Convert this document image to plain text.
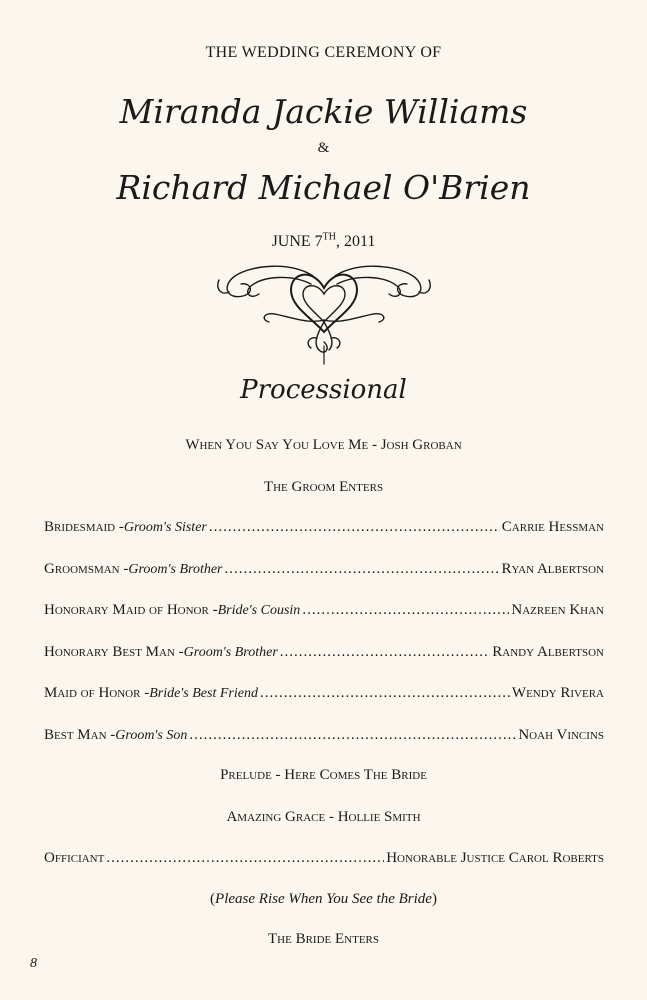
THE WEDDING CEREMONY OF
Miranda Jackie Williams
&
Richard Michael O'Brien
JUNE 7TH, 2011
Processional
When You Say You Love Me - Josh Groban
The Groom Enters
Bridesmaid - Groom's Sister .....	Carrie Hessman
Groomsman - Groom's Brother .....	Ryan Albertson
Honorary Maid of Honor - Bride's Cousin .....	Nazreen Khan
Honorary Best Man - Groom's Brother .....	Randy Albertson
Maid of Honor - Bride's Best Friend .....	Wendy Rivera
Best Man - Groom's Son .....	Noah Vincins
Prelude - Here Comes The Bride
Amazing Grace - Hollie Smith
Officiant .....	Honorable Justice Carol Roberts
(Please Rise When You See the Bride)
The Bride Enters
8
